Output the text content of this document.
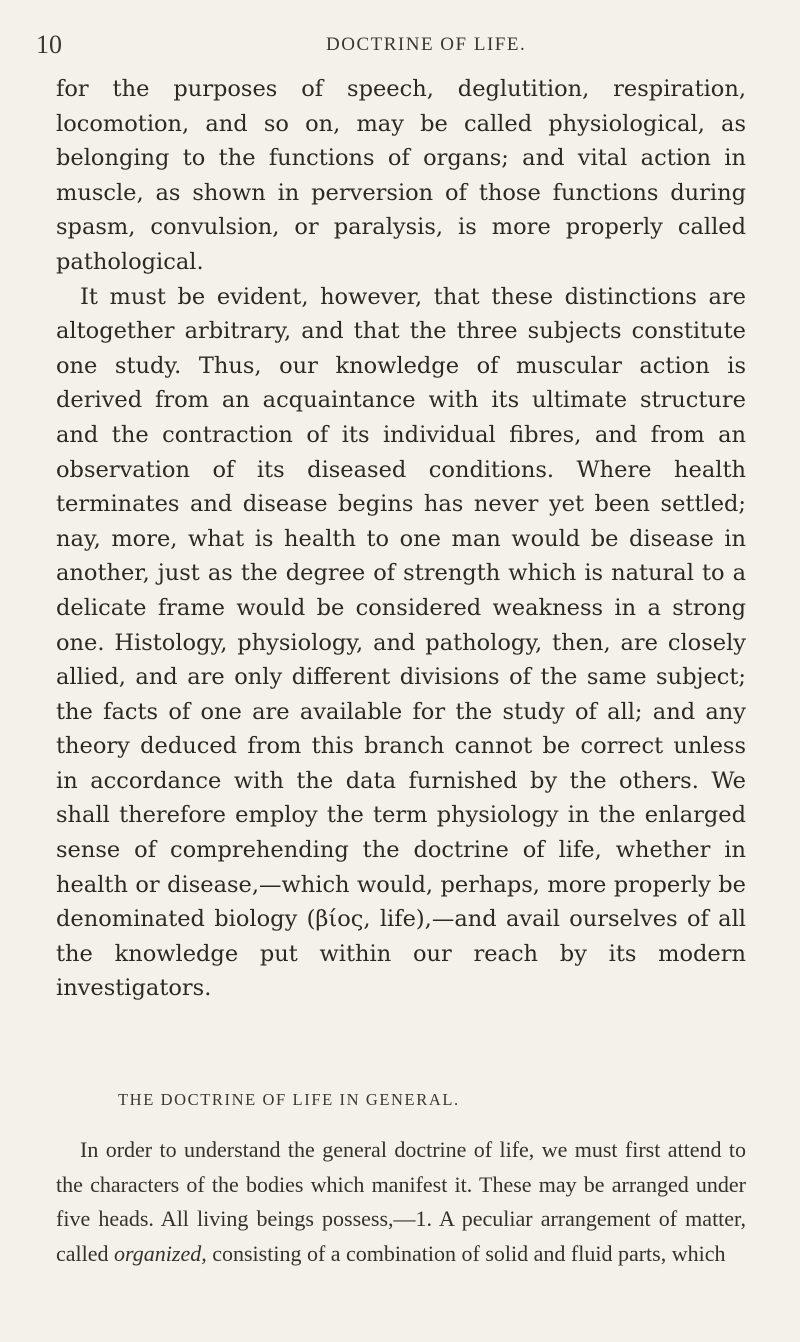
10	DOCTRINE OF LIFE.

for the purposes of speech, deglutition, respiration, locomotion, and so on, may be called physiological, as belonging to the functions of organs; and vital action in muscle, as shown in perversion of those functions during spasm, convulsion, or paralysis, is more properly called pathological.

It must be evident, however, that these distinctions are altogether arbitrary, and that the three subjects constitute one study. Thus, our knowledge of muscular action is derived from an acquaintance with its ultimate structure and the contraction of its individual fibres, and from an observation of its diseased conditions. Where health terminates and disease begins has never yet been settled; nay, more, what is health to one man would be disease in another, just as the degree of strength which is natural to a delicate frame would be considered weakness in a strong one. Histology, physiology, and pathology, then, are closely allied, and are only different divisions of the same subject; the facts of one are available for the study of all; and any theory deduced from this branch cannot be correct unless in accordance with the data furnished by the others. We shall therefore employ the term physiology in the enlarged sense of comprehending the doctrine of life, whether in health or disease,—which would, perhaps, more properly be denominated biology (βίος, life),—and avail ourselves of all the knowledge put within our reach by its modern investigators.

THE DOCTRINE OF LIFE IN GENERAL.

In order to understand the general doctrine of life, we must first attend to the characters of the bodies which manifest it. These may be arranged under five heads. All living beings possess,—1. A peculiar arrangement of matter, called organized, consisting of a combination of solid and fluid parts, which
